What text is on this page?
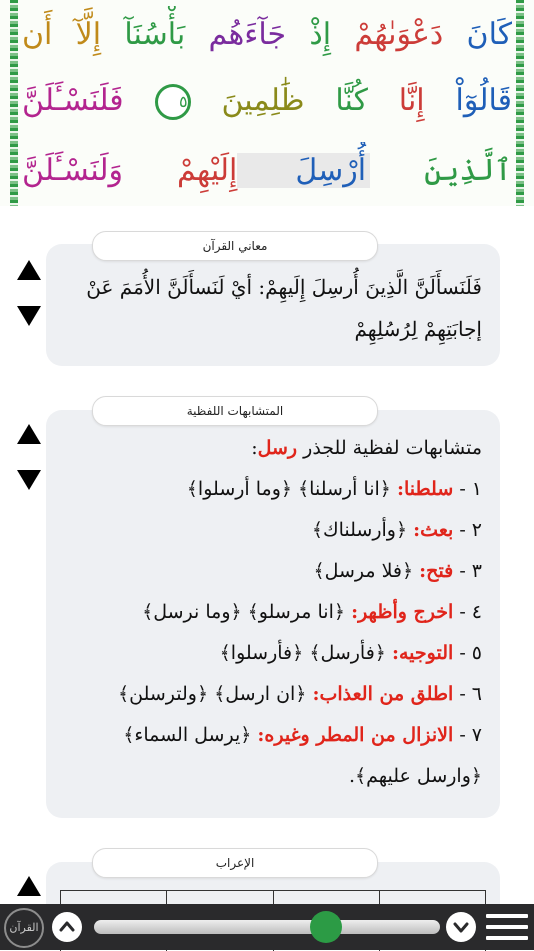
كَانَ دَعْوَىٰهُمْ إِذْ جَآءَهُم بَأْسُنَآ إِلَّآ أَن
قَالُوٓاْ إِنَّا كُنَّا ظَٰلِمِينَ ٥ فَلَنَسْـَٔلَنَّ
ٱلَّذِينَ أُرْسِلَ إِلَيْهِمْ وَلَنَسْـَٔلَنَّ
فَلَنَسأَلَنَّ الَّذِينَ أُرسِلَ إِلَيهِمْ: أيْ لَنَسأَلَنَّ الأُمَمَ عَنْ إجابَتِهِمْ لِرُسُلِهِمْ
معاني القرآن
متشابهات لفظية للجذر رسل:
١ - سلطنا: ﴿انا أرسلنا﴾ ﴿وما أرسلوا﴾
٢ - بعث: ﴿وأرسلناك﴾
٣ - فتح: ﴿فلا مرسل﴾
٤ - اخرج وأظهر: ﴿انا مرسلو﴾ ﴿وما نرسل﴾
٥ - التوجيه: ﴿فأرسل﴾ ﴿فأرسلوا﴾
٦ - اطلق من العذاب: ﴿ان ارسل﴾ ﴿ولترسلن﴾
٧ - الانزال من المطر وغيره: ﴿يرسل السماء﴾
﴿وارسل عليهم﴾.
المتشابهات اللفظية
الإعراب
القرآن
